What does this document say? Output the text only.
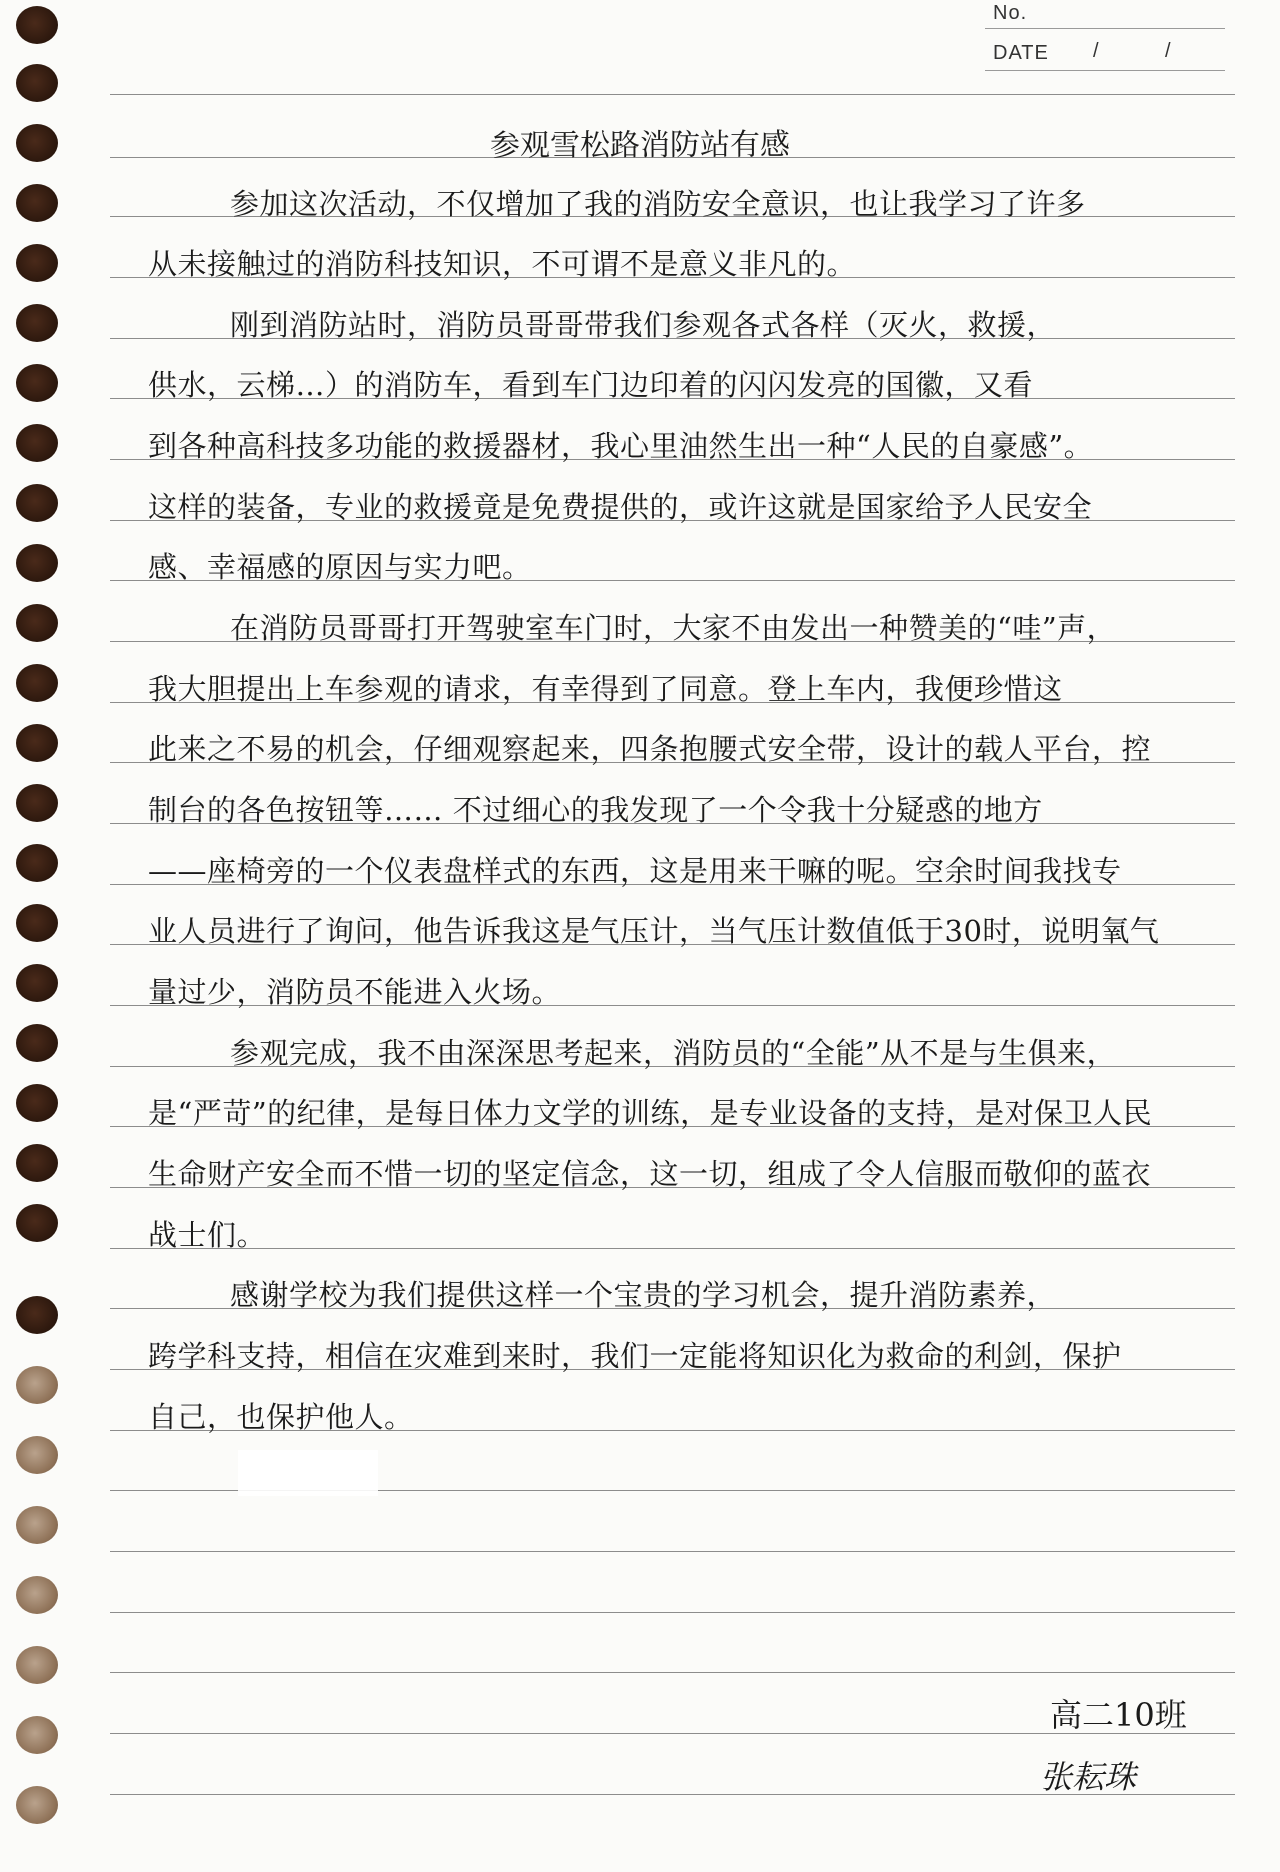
No.
DATE /	/
参观雪松路消防站有感
参加这次活动，不仅增加了我的消防安全意识，也让我学习了许多
从未接触过的消防科技知识，不可谓不是意义非凡的。
刚到消防站时，消防员哥哥带我们参观各式各样（灭火，救援，
供水，云梯…）的消防车，看到车门边印着的闪闪发亮的国徽，又看
到各种高科技多功能的救援器材，我心里油然生出一种“人民的自豪感”。
这样的装备，专业的救援竟是免费提供的，或许这就是国家给予人民安全
感、幸福感的原因与实力吧。
在消防员哥哥打开驾驶室车门时，大家不由发出一种赞美的“哇”声，
我大胆提出上车参观的请求，有幸得到了同意。登上车内，我便珍惜这
此来之不易的机会，仔细观察起来，四条抱腰式安全带，设计的载人平台，控
制台的各色按钮等…… 不过细心的我发现了一个令我十分疑惑的地方
——座椅旁的一个仪表盘样式的东西，这是用来干嘛的呢。空余时间我找专
业人员进行了询问，他告诉我这是气压计，当气压计数值低于30时，说明氧气
量过少，消防员不能进入火场。
参观完成，我不由深深思考起来，消防员的“全能”从不是与生俱来，
是“严苛”的纪律，是每日体力文学的训练，是专业设备的支持，是对保卫人民
生命财产安全而不惜一切的坚定信念，这一切，组成了令人信服而敬仰的蓝衣
战士们。
感谢学校为我们提供这样一个宝贵的学习机会，提升消防素养，
跨学科支持，相信在灾难到来时，我们一定能将知识化为救命的利剑，保护
自己，也保护他人。
高二10班
张耘珠
